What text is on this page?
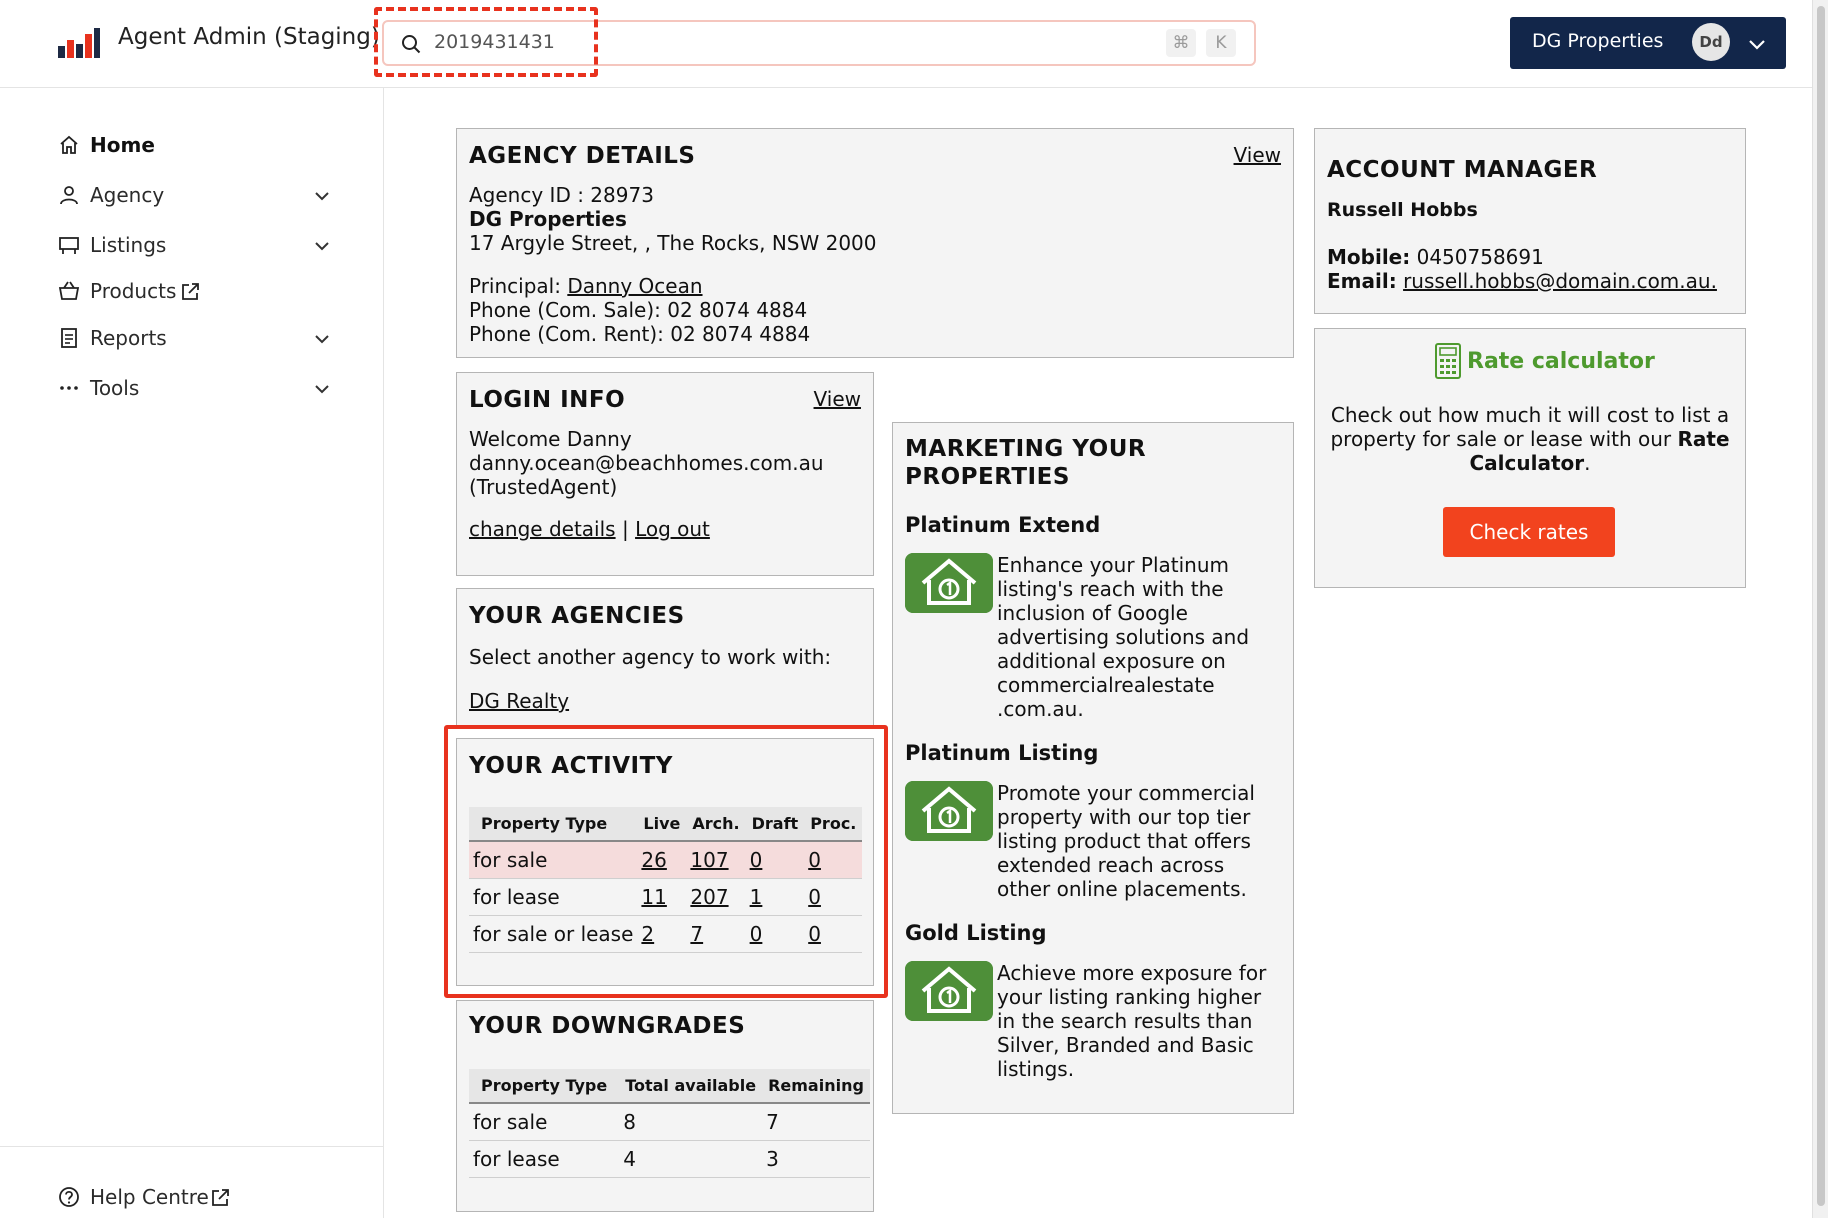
Agent Admin (Staging)	2019431431	⌘	K	DG Properties	Dd
Home
Agency
Listings
Products
Reports
Tools
Help Centre
AGENCY DETAILS	View
Agency ID : 28973
DG Properties
17 Argyle Street, , The Rocks, NSW 2000
Principal: Danny Ocean
Phone (Com. Sale): 02 8074 4884
Phone (Com. Rent): 02 8074 4884
ACCOUNT MANAGER
Russell Hobbs
Mobile: 0450758691
Email: russell.hobbs@domain.com.au.
Rate calculator
Check out how much it will cost to list a
property for sale or lease with our Rate
Calculator.
Check rates
LOGIN INFO	View
Welcome Danny
danny.ocean@beachhomes.com.au
(TrustedAgent)
change details | Log out
YOUR AGENCIES
Select another agency to work with:
DG Realty
YOUR ACTIVITY
Property Type	Live	Arch.	Draft	Proc.
for sale	26	107	0	0
for lease	11	207	1	0
for sale or lease	2	7	0	0
YOUR DOWNGRADES
Property Type	Total available	Remaining
for sale	8	7
for lease	4	3
MARKETING YOUR
PROPERTIES
Platinum Extend
Enhance your Platinum
listing's reach with the
inclusion of Google
advertising solutions and
additional exposure on
commercialrealestate
.com.au.
Platinum Listing
Promote your commercial
property with our top tier
listing product that offers
extended reach across
other online placements.
Gold Listing
Achieve more exposure for
your listing ranking higher
in the search results than
Silver, Branded and Basic
listings.
